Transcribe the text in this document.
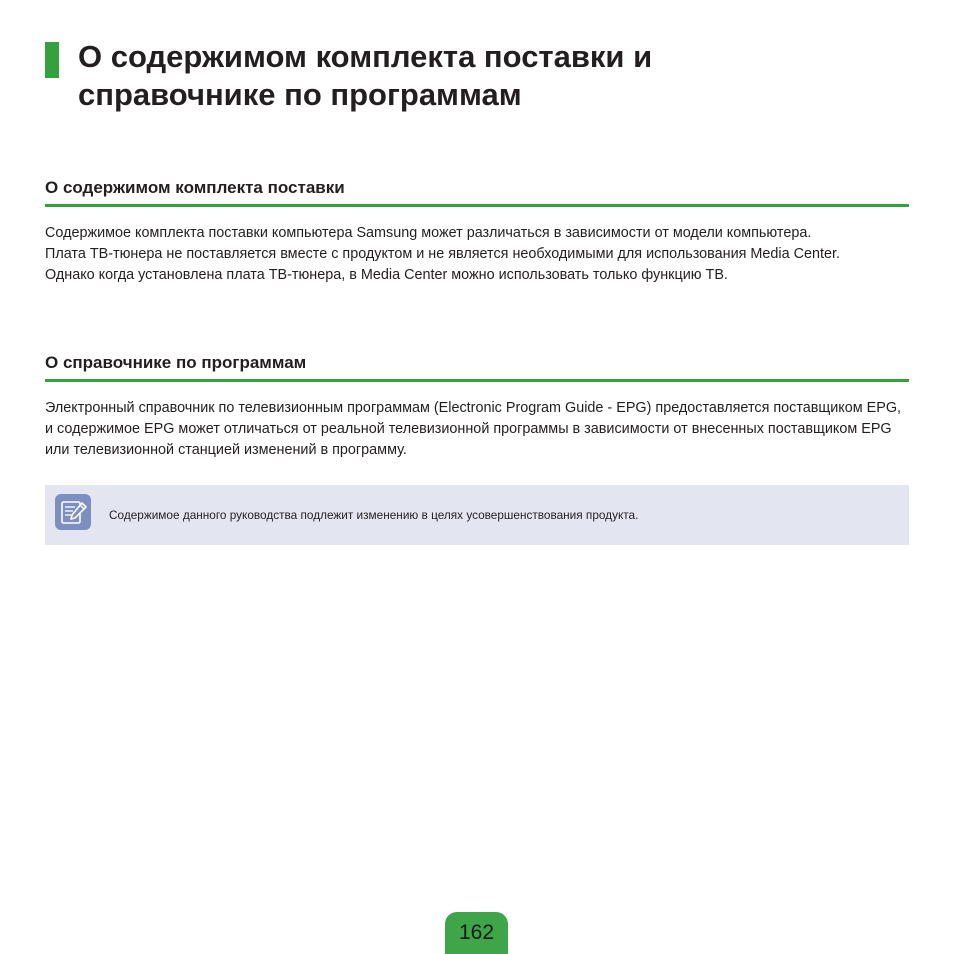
О содержимом комплекта поставки и
справочнике по программам
О содержимом комплекта поставки

Содержимое комплекта поставки компьютера Samsung может различаться в зависимости от модели компьютера.

Плата ТВ-тюнера не поставляется вместе с продуктом и не является необходимыми для использования Media Center.

Однако когда установлена плата ТВ-тюнера, в Media Center можно использовать только функцию ТВ.

О справочнике по программам

Электронный справочник по телевизионным программам (Electronic Program Guide - EPG) предоставляется поставщиком EPG, и содержимое EPG может отличаться от реальной телевизионной программы в зависимости от внесенных поставщиком EPG или телевизионной станцией изменений в программу.

Содержимое данного руководства подлежит изменению в целях усовершенствования продукта.
162
